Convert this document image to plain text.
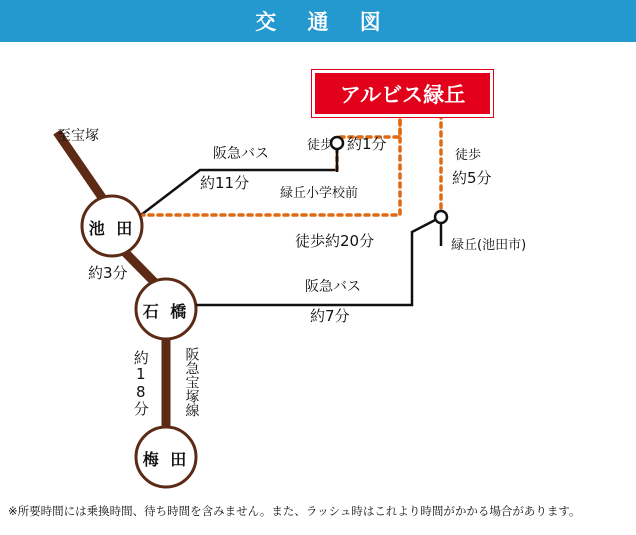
交 通 図
池 田
石 橋
梅 田
至宝塚
阪急バス
約11分
緑丘小学校前
徒歩 約1分
徒歩
約5分
徒歩約20分	緑丘(池田市)
約3分
阪急バス
約7分
約18分 阪急宝塚線
アルビス緑丘
※所要時間には乗換時間、待ち時間を含みません。また、ラッシュ時はこれより時間がかかる場合があります。
